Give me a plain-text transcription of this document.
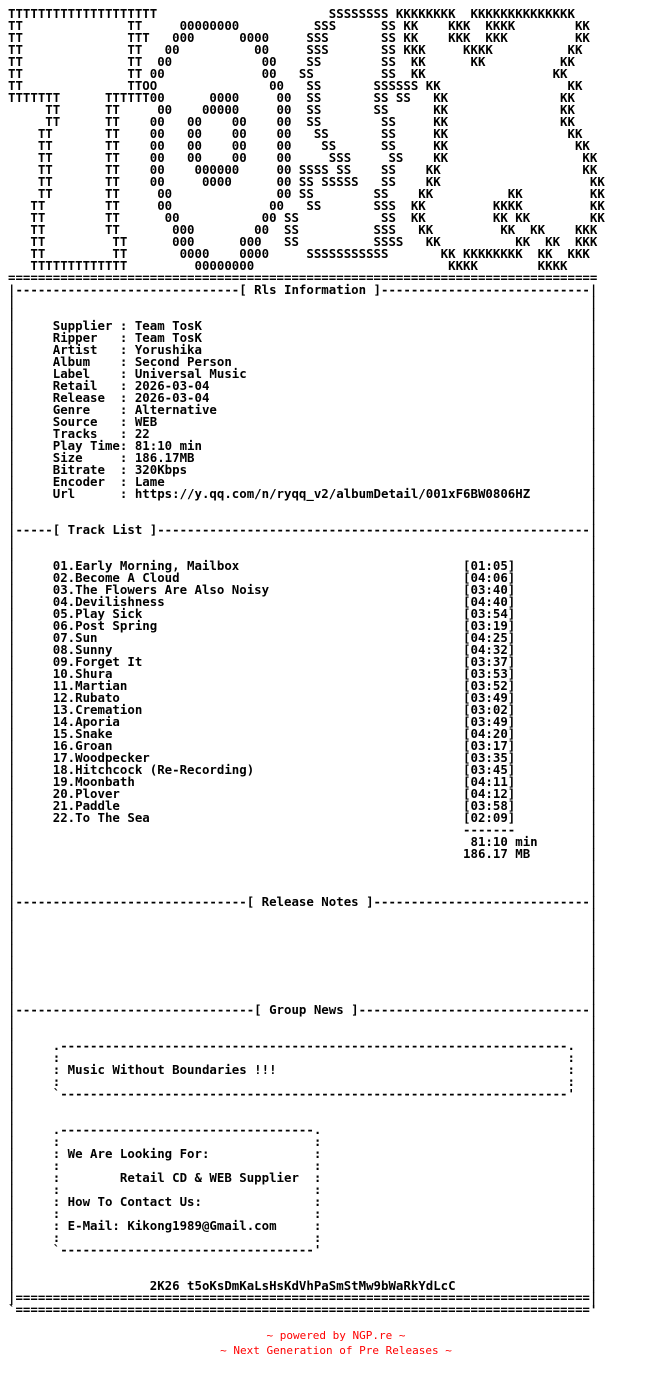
TTTTTTTTTTTTTTTTTTTT                       SSSSSSSS KKKKKKKK  KKKKKKKKKKKKKK
TT              TT     00000000          SSS      SS KK    KKK  KKKK        KK
TT              TTT   000      0000     SSS       SS KK    KKK  KKK         KK
TT              TT   00          00     SSS       SS KKK     KKKK          KK
TT              TT  00            00    SS        SS  KK      KK          KK
TT              TT 00             00   SS         SS  KK                 KK
TT              TTOO               00   SS       SSSSSS KK                 KK
TTTTTTT      TTTTTT00      0000     00  SS       SS SS   KK               KK
TT      TT     00    00000     00  SS       SS      KK               KK
TT      TT    00   00    00    00  SS        SS     KK               KK
TT       TT    00   00    00    00   SS       SS     KK                KK
TT       TT    00   00    00    00    SS      SS     KK                 KK
TT       TT    00   00    00    00     SSS     SS    KK                  KK
TT       TT    00    000000     00 SSSS SS    SS    KK                   KK
TT       TT    00     0000      00 SS SSSSS   SS    KK                    KK
TT       TT     00              00 SS        SS    KK          KK         KK
TT        TT     00             00   SS       SSS  KK         KKKK         KK
TT        TT      00           00 SS           SS  KK         KK KK        KK
TT        TT       000        00  SS          SSS   KK         KK  KK    KKK
TT         TT      000      000   SS          SSSS   KK          KK  KK  KKK
TT         TT       0000    0000     SSSSSSSSSSS       KK KKKKKKKK  KK  KKK
TTTTTTTTTTTTT         00000000                          KKKK        KKKK
===============================================================================
|------------------------------[ Rls Information ]----------------------------|
|                                                                             |
|                                                                             |
|     Supplier : Team TosK                                                    |
|     Ripper   : Team TosK                                                    |
|     Artist   : Yorushika                                                    |
|     Album    : Second Person                                                |
|     Label    : Universal Music                                              |
|     Retail   : 2026-03-04                                                   |
|     Release  : 2026-03-04                                                   |
|     Genre    : Alternative                                                  |
|     Source   : WEB                                                          |
|     Tracks   : 22                                                           |
|     Play Time: 81:10 min                                                    |
|     Size     : 186.17MB                                                     |
|     Bitrate  : 320Kbps                                                      |
|     Encoder  : Lame                                                         |
|     Url      : https://y.qq.com/n/ryqq_v2/albumDetail/001xF6BW0806HZ        |
|                                                                             |
|                                                                             |
|-----[ Track List ]----------------------------------------------------------|
|                                                                             |
|                                                                             |
|     01.Early Morning, Mailbox                              [01:05]          |
|     02.Become A Cloud                                      [04:06]          |
|     03.The Flowers Are Also Noisy                          [03:40]          |
|     04.Devilishness                                        [04:40]          |
|     05.Play Sick                                           [03:54]          |
|     06.Post Spring                                         [03:19]          |
|     07.Sun                                                 [04:25]          |
|     08.Sunny                                               [04:32]          |
|     09.Forget It                                           [03:37]          |
|     10.Shura                                               [03:53]          |
|     11.Martian                                             [03:52]          |
|     12.Rubato                                              [03:49]          |
|     13.Cremation                                           [03:02]          |
|     14.Aporia                                              [03:49]          |
|     15.Snake                                               [04:20]          |
|     16.Groan                                               [03:17]          |
|     17.Woodpecker                                          [03:35]          |
|     18.Hitchcock (Re-Recording)                            [03:45]          |
|     19.Moonbath                                            [04:11]          |
|     20.Plover                                              [04:12]          |
|     21.Paddle                                              [03:58]          |
|     22.To The Sea                                          [02:09]          |
|                                                            -------          |
|                                                             81:10 min       |
|                                                            186.17 MB        |
|                                                                             |
|                                                                             |
|                                                                             |
|-------------------------------[ Release Notes ]-----------------------------|
|                                                                             |
|                                                                             |
|                                                                             |
|                                                                             |
|                                                                             |
|                                                                             |
|                                                                             |
|                                                                             |
|--------------------------------[ Group News ]-------------------------------|
|                                                                             |
|                                                                             |
|     .--------------------------------------------------------------------.  |
|     :                                                                    :  |
|     : Music Without Boundaries !!!                                       :  |
|     :                                                                    :  |
|     `--------------------------------------------------------------------'  |
|                                                                             |
|                                                                             |
|     .----------------------------------.                                    |
|     :                                  :                                    |
|     : We Are Looking For:              :                                    |
|     :                                  :                                    |
|     :        Retail CD & WEB Supplier  :                                    |
|     :                                  :                                    |
|     : How To Contact Us:               :                                    |
|     :                                  :                                    |
|     : E-Mail: Kikong1989@Gmail.com     :                                    |
|     :                                  :                                    |
|     `----------------------------------'                                    |
|                                                                             |
|                                                                             |
|                  2K26 t5oKsDmKaLsHsKdVhPaSmStMw9bWaRkYdLcC                  |
|=============================================================================|
`============================================================================='

~ powered by NGP.re ~
~ Next Generation of Pre Releases ~
